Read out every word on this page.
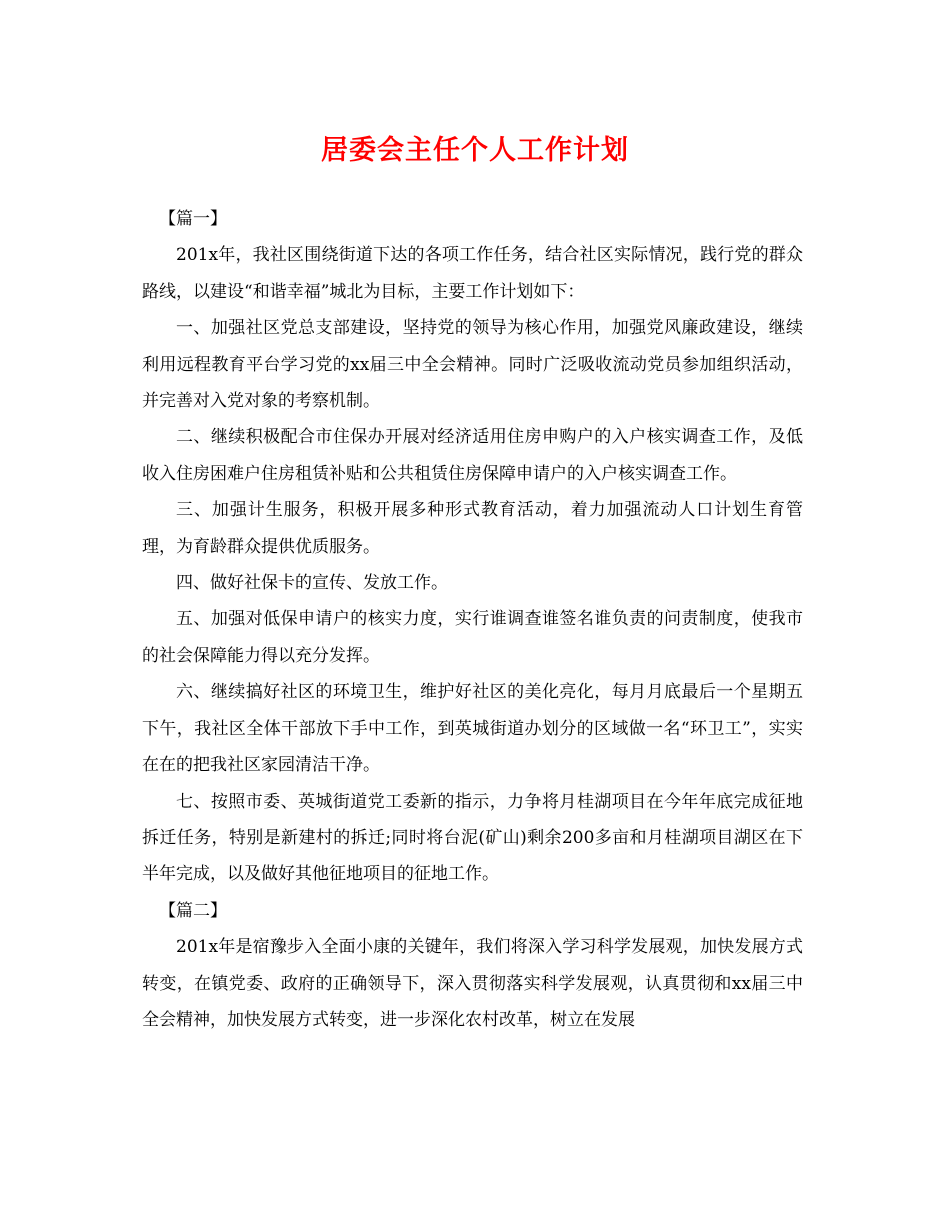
居委会主任个人工作计划

【篇一】

201x年，我社区围绕街道下达的各项工作任务，结合社区实际情况，践行党的群众路线，以建设“和谐幸福”城北为目标，主要工作计划如下：

一、加强社区党总支部建设，坚持党的领导为核心作用，加强党风廉政建设，继续利用远程教育平台学习党的xx届三中全会精神。同时广泛吸收流动党员参加组织活动，并完善对入党对象的考察机制。

二、继续积极配合市住保办开展对经济适用住房申购户的入户核实调查工作，及低收入住房困难户住房租赁补贴和公共租赁住房保障申请户的入户核实调查工作。

三、加强计生服务，积极开展多种形式教育活动，着力加强流动人口计划生育管理，为育龄群众提供优质服务。

四、做好社保卡的宣传、发放工作。

五、加强对低保申请户的核实力度，实行谁调查谁签名谁负责的问责制度，使我市的社会保障能力得以充分发挥。

六、继续搞好社区的环境卫生，维护好社区的美化亮化，每月月底最后一个星期五下午，我社区全体干部放下手中工作，到英城街道办划分的区域做一名“环卫工”，实实在在的把我社区家园清洁干净。

七、按照市委、英城街道党工委新的指示，力争将月桂湖项目在今年年底完成征地拆迁任务，特别是新建村的拆迁;同时将台泥(矿山)剩余200多亩和月桂湖项目湖区在下半年完成，以及做好其他征地项目的征地工作。

【篇二】

201x年是宿豫步入全面小康的关键年，我们将深入学习科学发展观，加快发展方式转变，在镇党委、政府的正确领导下，深入贯彻落实科学发展观，认真贯彻和xx届三中全会精神，加快发展方式转变，进一步深化农村改革，树立在发展
